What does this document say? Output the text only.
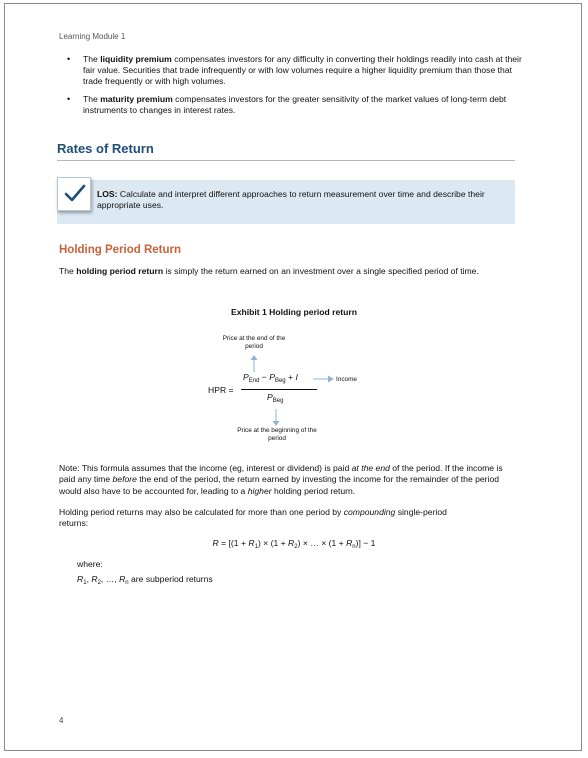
Learning Module 1
• The liquidity premium compensates investors for any difficulty in converting their holdings readily into cash at their fair value. Securities that trade infrequently or with low volumes require a higher liquidity premium than those that trade frequently or with high volumes.
• The maturity premium compensates investors for the greater sensitivity of the market values of long-term debt instruments to changes in interest rates.
Rates of Return
LOS: Calculate and interpret different approaches to return measurement over time and describe their appropriate uses.
Holding Period Return
The holding period return is simply the return earned on an investment over a single specified period of time.
Exhibit 1 Holding period return
Price at the end of the period
HPR =
$P_{End} - P_{Beg} + I$	Income
$P_{Beg}$
Price at the beginning of the period
Note: This formula assumes that the income (eg, interest or dividend) is paid at the end of the period. If the income is paid any time before the end of the period, the return earned by investing the income for the remainder of the period would also have to be accounted for, leading to a higher holding period return.
Holding period returns may also be calculated for more than one period by compounding single-period returns:
$R = [(1 + R_1) \times (1 + R_2)$ × … × $(1 + R_n)] - 1$
where:
$R_1$, $R_2$, …, $R_n$ are subperiod returns
4
